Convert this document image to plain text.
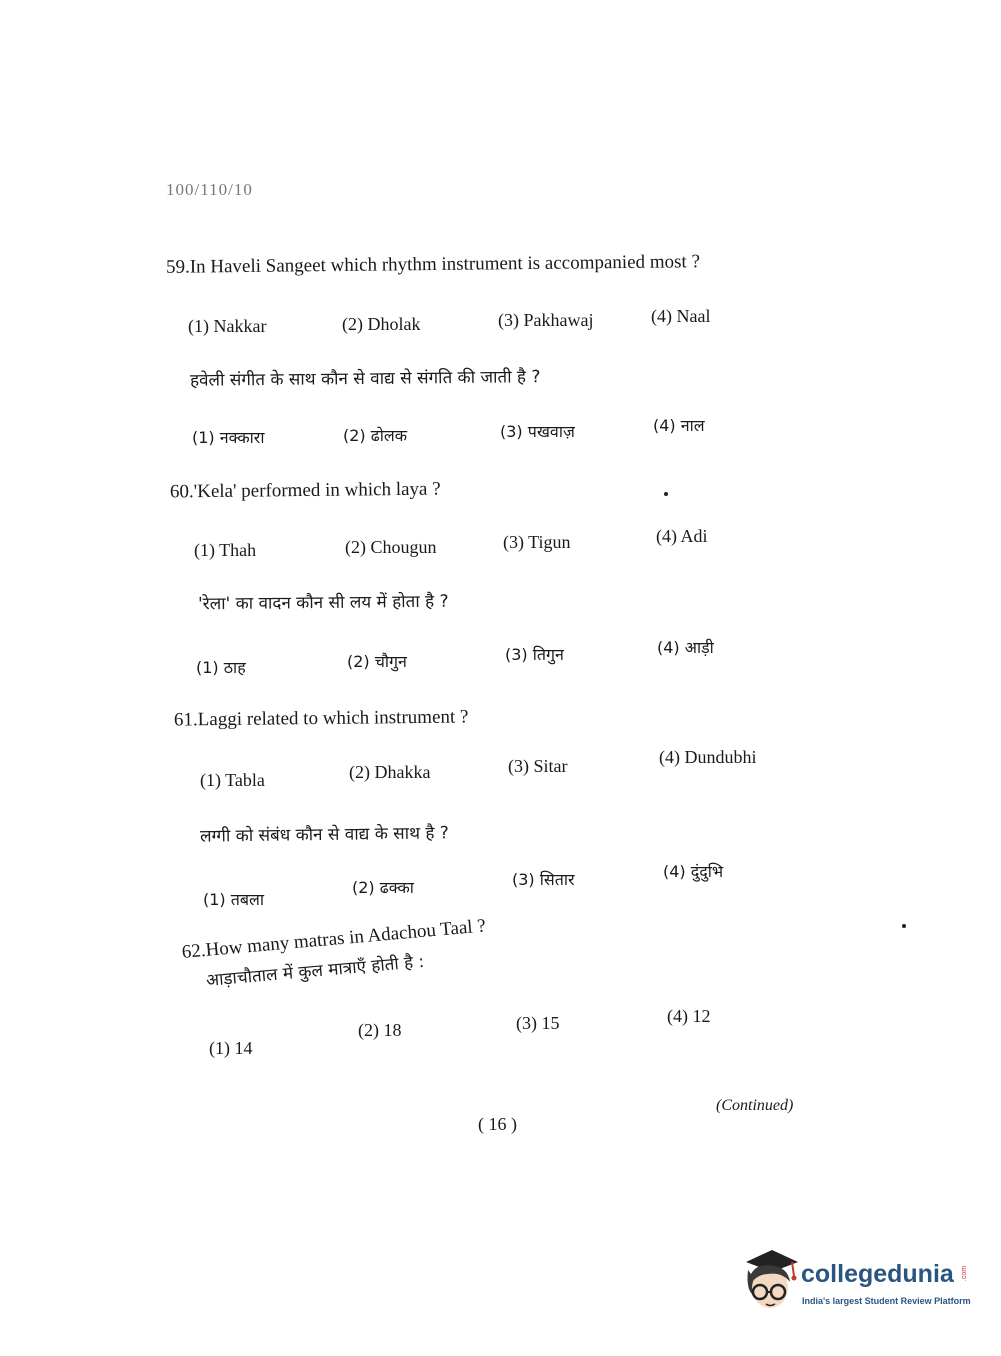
100/110/10
59.In Haveli Sangeet which rhythm instrument is accompanied most ?
(1) Nakkar	(2) Dholak	(3) Pakhawaj	(4) Naal
हवेली संगीत के साथ कौन से वाद्य से संगति की जाती है ?
(1) नक्कारा	(2) ढोलक	(3) पखवाज़	(4) नाल
60.'Kela' performed in which laya ?
(1) Thah	(2) Chougun	(3) Tigun	(4) Adi
'रेला' का वादन कौन सी लय में होता है ?
(1) ठाह	(2) चौगुन	(3) तिगुन	(4) आड़ी
61.Laggi related to which instrument ?
(1) Tabla	(2) Dhakka	(3) Sitar	(4) Dundubhi
लग्गी को संबंध कौन से वाद्य के साथ है ?
(1) तबला
(2) ढक्का	(3) सितार	(4) दुंदुभि
62.How many matras in Adachou Taal ?
आड़ाचौताल में कुल मात्राएँ होती है :
(1) 14
(2) 18	(3) 15	(4) 12
(Continued)
( 16 )
collegedunia .com
India's largest Student Review Platform
